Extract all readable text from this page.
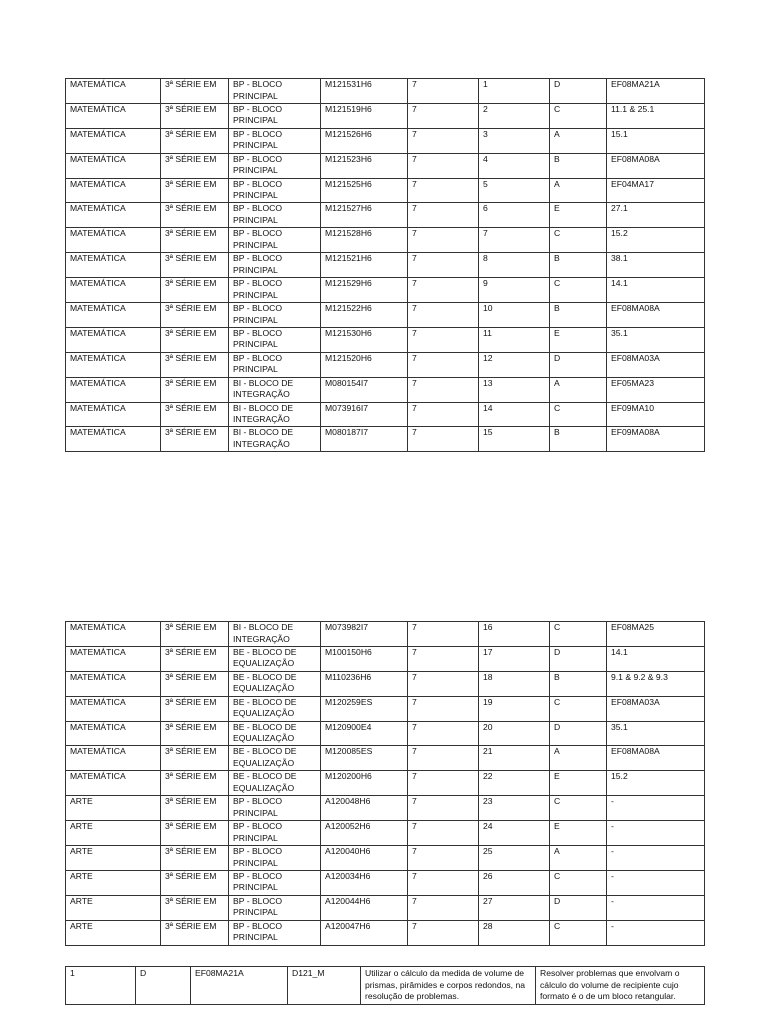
MATEMÁTICA	3ª SÉRIE EM	BP - BLOCO PRINCIPAL	M121531H6	7	1	D	EF08MA21A
MATEMÁTICA	3ª SÉRIE EM	BP - BLOCO PRINCIPAL	M121519H6	7	2	C	11.1 & 25.1
MATEMÁTICA	3ª SÉRIE EM	BP - BLOCO PRINCIPAL	M121526H6	7	3	A	15.1
MATEMÁTICA	3ª SÉRIE EM	BP - BLOCO PRINCIPAL	M121523H6	7	4	B	EF08MA08A
MATEMÁTICA	3ª SÉRIE EM	BP - BLOCO PRINCIPAL	M121525H6	7	5	A	EF04MA17
MATEMÁTICA	3ª SÉRIE EM	BP - BLOCO PRINCIPAL	M121527H6	7	6	E	27.1
MATEMÁTICA	3ª SÉRIE EM	BP - BLOCO PRINCIPAL	M121528H6	7	7	C	15.2
MATEMÁTICA	3ª SÉRIE EM	BP - BLOCO PRINCIPAL	M121521H6	7	8	B	38.1
MATEMÁTICA	3ª SÉRIE EM	BP - BLOCO PRINCIPAL	M121529H6	7	9	C	14.1
MATEMÁTICA	3ª SÉRIE EM	BP - BLOCO PRINCIPAL	M121522H6	7	10	B	EF08MA08A
MATEMÁTICA	3ª SÉRIE EM	BP - BLOCO PRINCIPAL	M121530H6	7	11	E	35.1
MATEMÁTICA	3ª SÉRIE EM	BP - BLOCO PRINCIPAL	M121520H6	7	12	D	EF08MA03A
MATEMÁTICA	3ª SÉRIE EM	BI - BLOCO DE INTEGRAÇÃO	M080154I7	7	13	A	EF05MA23
MATEMÁTICA	3ª SÉRIE EM	BI - BLOCO DE INTEGRAÇÃO	M073916I7	7	14	C	EF09MA10
MATEMÁTICA	3ª SÉRIE EM	BI - BLOCO DE INTEGRAÇÃO	M080187I7	7	15	B	EF09MA08A
MATEMÁTICA	3ª SÉRIE EM	BI - BLOCO DE INTEGRAÇÃO	M073982I7	7	16	C	EF08MA25
MATEMÁTICA	3ª SÉRIE EM	BE - BLOCO DE EQUALIZAÇÃO	M100150H6	7	17	D	14.1
MATEMÁTICA	3ª SÉRIE EM	BE - BLOCO DE EQUALIZAÇÃO	M110236H6	7	18	B	9.1 & 9.2 & 9.3
MATEMÁTICA	3ª SÉRIE EM	BE - BLOCO DE EQUALIZAÇÃO	M120259ES	7	19	C	EF08MA03A
MATEMÁTICA	3ª SÉRIE EM	BE - BLOCO DE EQUALIZAÇÃO	M120900E4	7	20	D	35.1
MATEMÁTICA	3ª SÉRIE EM	BE - BLOCO DE EQUALIZAÇÃO	M120085ES	7	21	A	EF08MA08A
MATEMÁTICA	3ª SÉRIE EM	BE - BLOCO DE EQUALIZAÇÃO	M120200H6	7	22	E	15.2
ARTE	3ª SÉRIE EM	BP - BLOCO PRINCIPAL	A120048H6	7	23	C	-
ARTE	3ª SÉRIE EM	BP - BLOCO PRINCIPAL	A120052H6	7	24	E	-
ARTE	3ª SÉRIE EM	BP - BLOCO PRINCIPAL	A120040H6	7	25	A	-
ARTE	3ª SÉRIE EM	BP - BLOCO PRINCIPAL	A120034H6	7	26	C	-
ARTE	3ª SÉRIE EM	BP - BLOCO PRINCIPAL	A120044H6	7	27	D	-
ARTE	3ª SÉRIE EM	BP - BLOCO PRINCIPAL	A120047H6	7	28	C	-
1	D	EF08MA21A	D121_M	Utilizar o cálculo da medida de volume de prismas, pirâmides e corpos redondos, na resolução de problemas.	Resolver problemas que envolvam o cálculo do volume de recipiente cujo formato é o de um bloco retangular.
